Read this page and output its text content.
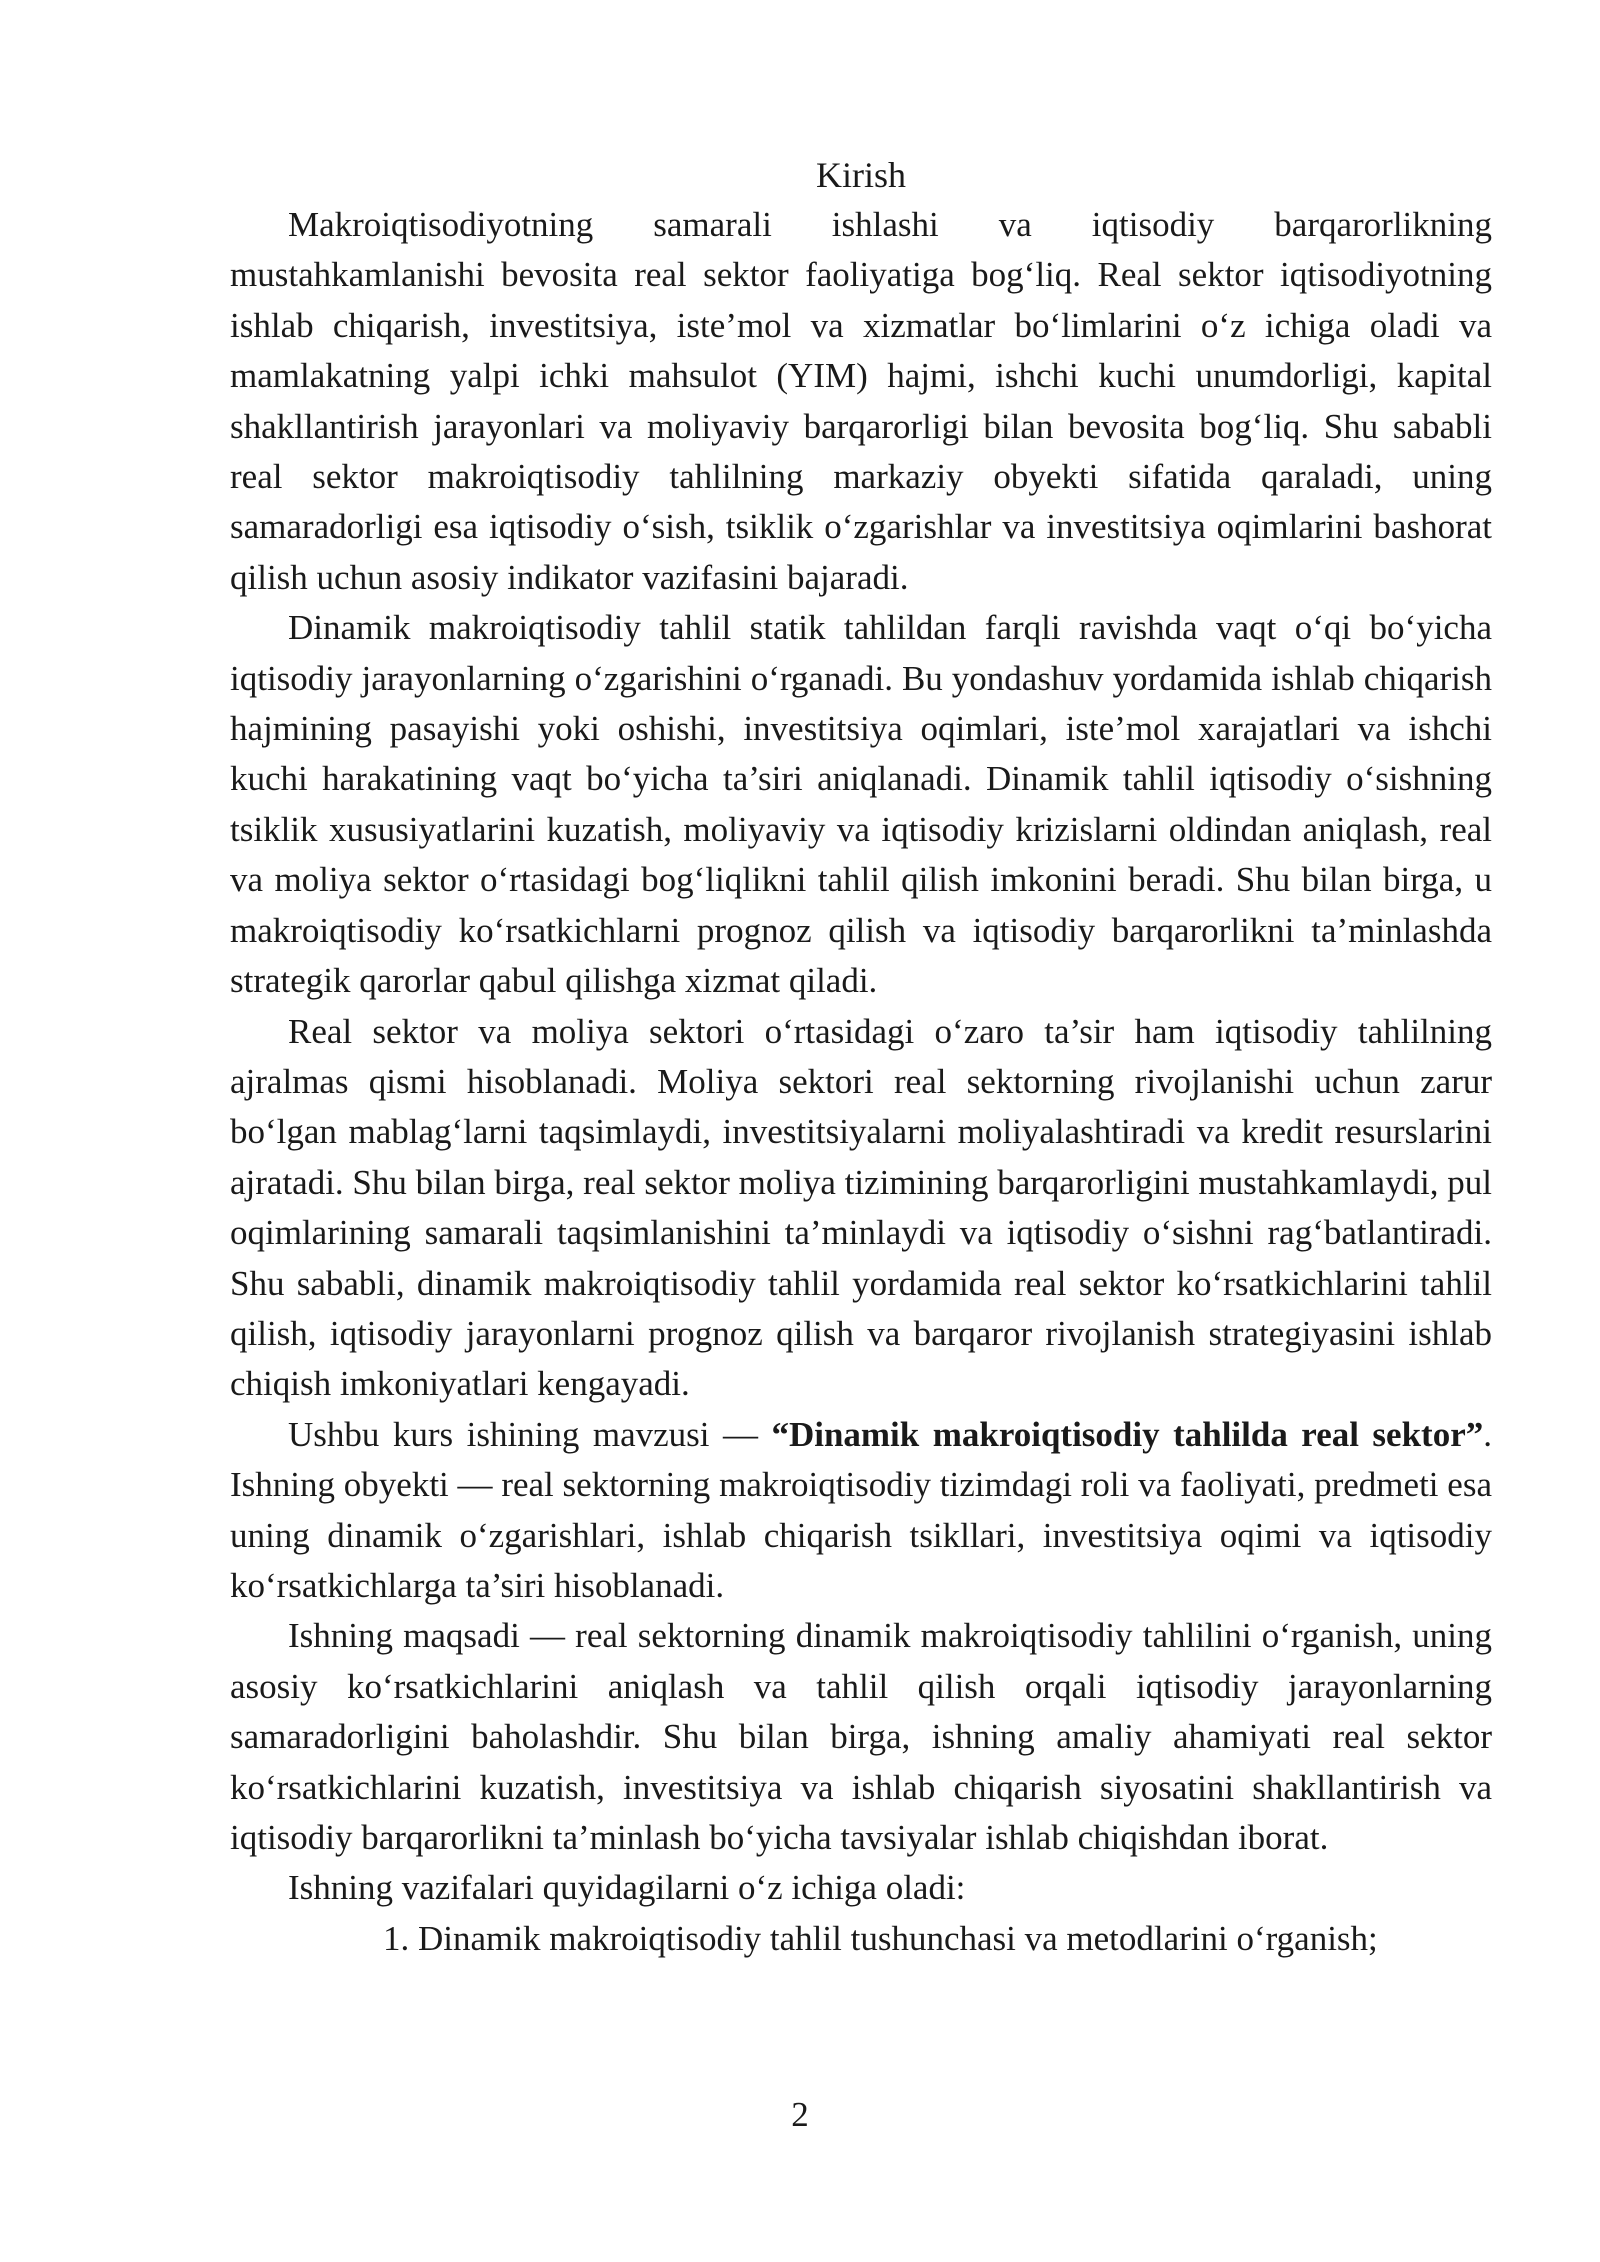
Kirish

Makroiqtisodiyotning samarali ishlashi va iqtisodiy barqarorlikning mustahkamlanishi bevosita real sektor faoliyatiga bog‘liq. Real sektor iqtisodiyotning ishlab chiqarish, investitsiya, iste’mol va xizmatlar bo‘limlarini o‘z ichiga oladi va mamlakatning yalpi ichki mahsulot (YIM) hajmi, ishchi kuchi unumdorligi, kapital shakllantirish jarayonlari va moliyaviy barqarorligi bilan bevosita bog‘liq. Shu sababli real sektor makroiqtisodiy tahlilning markaziy obyekti sifatida qaraladi, uning samaradorligi esa iqtisodiy o‘sish, tsiklik o‘zgarishlar va investitsiya oqimlarini bashorat qilish uchun asosiy indikator vazifasini bajaradi.

Dinamik makroiqtisodiy tahlil statik tahlildan farqli ravishda vaqt o‘qi bo‘yicha iqtisodiy jarayonlarning o‘zgarishini o‘rganadi. Bu yondashuv yordamida ishlab chiqarish hajmining pasayishi yoki oshishi, investitsiya oqimlari, iste’mol xarajatlari va ishchi kuchi harakatining vaqt bo‘yicha ta’siri aniqlanadi. Dinamik tahlil iqtisodiy o‘sishning tsiklik xususiyatlarini kuzatish, moliyaviy va iqtisodiy krizislarni oldindan aniqlash, real va moliya sektor o‘rtasidagi bog‘liqlikni tahlil qilish imkonini beradi. Shu bilan birga, u makroiqtisodiy ko‘rsatkichlarni prognoz qilish va iqtisodiy barqarorlikni ta’minlashda strategik qarorlar qabul qilishga xizmat qiladi.

Real sektor va moliya sektori o‘rtasidagi o‘zaro ta’sir ham iqtisodiy tahlilning ajralmas qismi hisoblanadi. Moliya sektori real sektorning rivojlanishi uchun zarur bo‘lgan mablag‘larni taqsimlaydi, investitsiyalarni moliyalashtiradi va kredit resurslarini ajratadi. Shu bilan birga, real sektor moliya tizimining barqarorligini mustahkamlaydi, pul oqimlarining samarali taqsimlanishini ta’minlaydi va iqtisodiy o‘sishni rag‘batlantiradi. Shu sababli, dinamik makroiqtisodiy tahlil yordamida real sektor ko‘rsatkichlarini tahlil qilish, iqtisodiy jarayonlarni prognoz qilish va barqaror rivojlanish strategiyasini ishlab chiqish imkoniyatlari kengayadi.

Ushbu kurs ishining mavzusi — “Dinamik makroiqtisodiy tahlilda real sektor”. Ishning obyekti — real sektorning makroiqtisodiy tizimdagi roli va faoliyati, predmeti esa uning dinamik o‘zgarishlari, ishlab chiqarish tsikllari, investitsiya oqimi va iqtisodiy ko‘rsatkichlarga ta’siri hisoblanadi.

Ishning maqsadi — real sektorning dinamik makroiqtisodiy tahlilini o‘rganish, uning asosiy ko‘rsatkichlarini aniqlash va tahlil qilish orqali iqtisodiy jarayonlarning samaradorligini baholashdir. Shu bilan birga, ishning amaliy ahamiyati real sektor ko‘rsatkichlarini kuzatish, investitsiya va ishlab chiqarish siyosatini shakllantirish va iqtisodiy barqarorlikni ta’minlash bo‘yicha tavsiyalar ishlab chiqishdan iborat.

Ishning vazifalari quyidagilarni o‘z ichiga oladi:

1. Dinamik makroiqtisodiy tahlil tushunchasi va metodlarini o‘rganish;
2
